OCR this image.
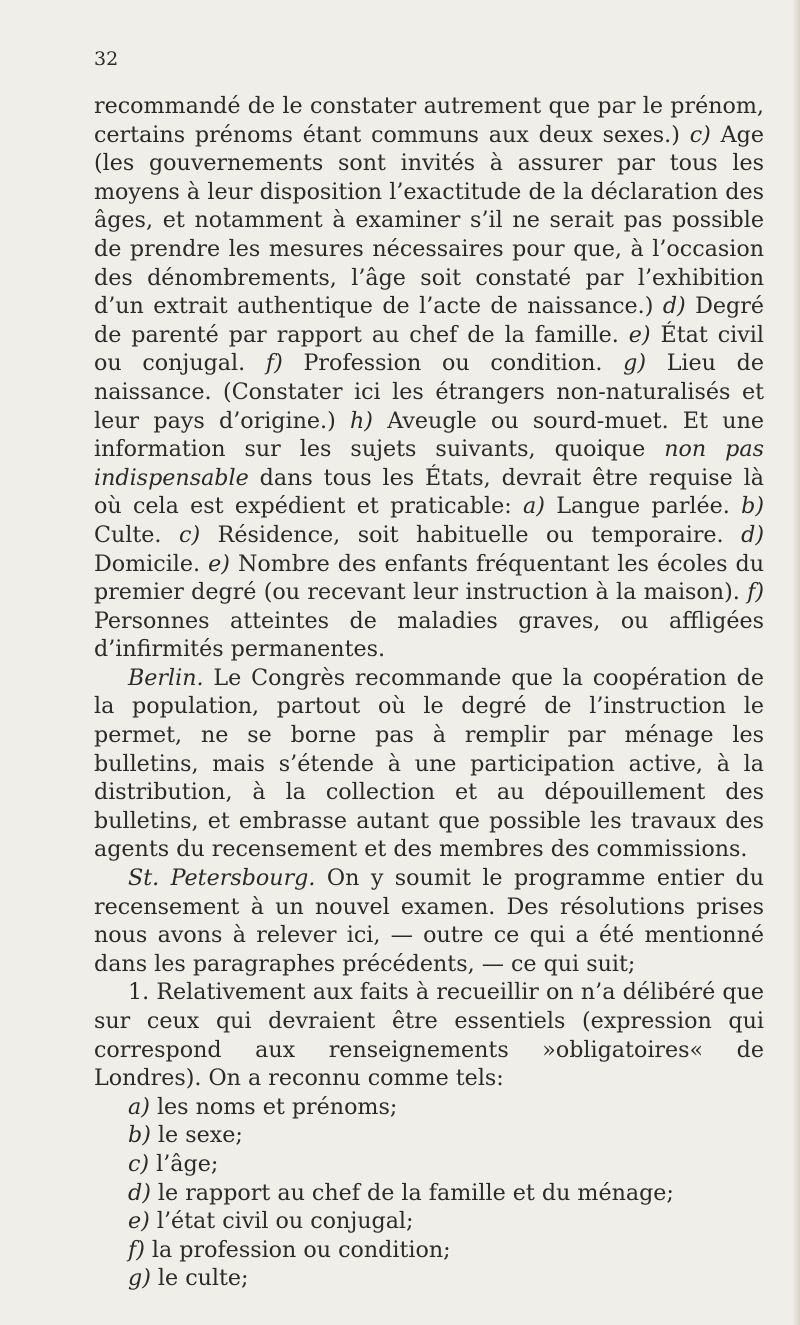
32

recommandé de le constater autrement que par le prénom, certains prénoms étant communs aux deux sexes.) c) Age (les gouvernements sont invités à assurer par tous les moyens à leur disposition l’exactitude de la déclaration des âges, et notamment à examiner s’il ne serait pas possible de prendre les mesures nécessaires pour que, à l’occasion des dénombrements, l’âge soit constaté par l’exhibition d’un extrait authentique de l’acte de naissance.) d) Degré de parenté par rapport au chef de la famille. e) État civil ou conjugal. f) Profession ou condition. g) Lieu de naissance. (Constater ici les étrangers non-naturalisés et leur pays d’origine.) h) Aveugle ou sourd-muet. Et une information sur les sujets suivants, quoique non pas indispensable dans tous les États, devrait être requise là où cela est expédient et praticable: a) Langue parlée. b) Culte. c) Résidence, soit habituelle ou temporaire. d) Domicile. e) Nombre des enfants fréquentant les écoles du premier degré (ou recevant leur instruction à la maison). f) Personnes atteintes de maladies graves, ou affligées d’infirmités permanentes.

Berlin. Le Congrès recommande que la coopération de la population, partout où le degré de l’instruction le permet, ne se borne pas à remplir par ménage les bulletins, mais s’étende à une participation active, à la distribution, à la collection et au dépouillement des bulletins, et embrasse autant que possible les travaux des agents du recensement et des membres des commissions.

St. Petersbourg. On y soumit le programme entier du recensement à un nouvel examen. Des résolutions prises nous avons à relever ici, — outre ce qui a été mentionné dans les paragraphes précédents, — ce qui suit;

1. Relativement aux faits à recueillir on n’a délibéré que sur ceux qui devraient être essentiels (expression qui correspond aux renseignements »obligatoires« de Londres). On a reconnu comme tels:

a) les noms et prénoms;

b) le sexe;

c) l’âge;

d) le rapport au chef de la famille et du ménage;

e) l’état civil ou conjugal;

f) la profession ou condition;

g) le culte;
